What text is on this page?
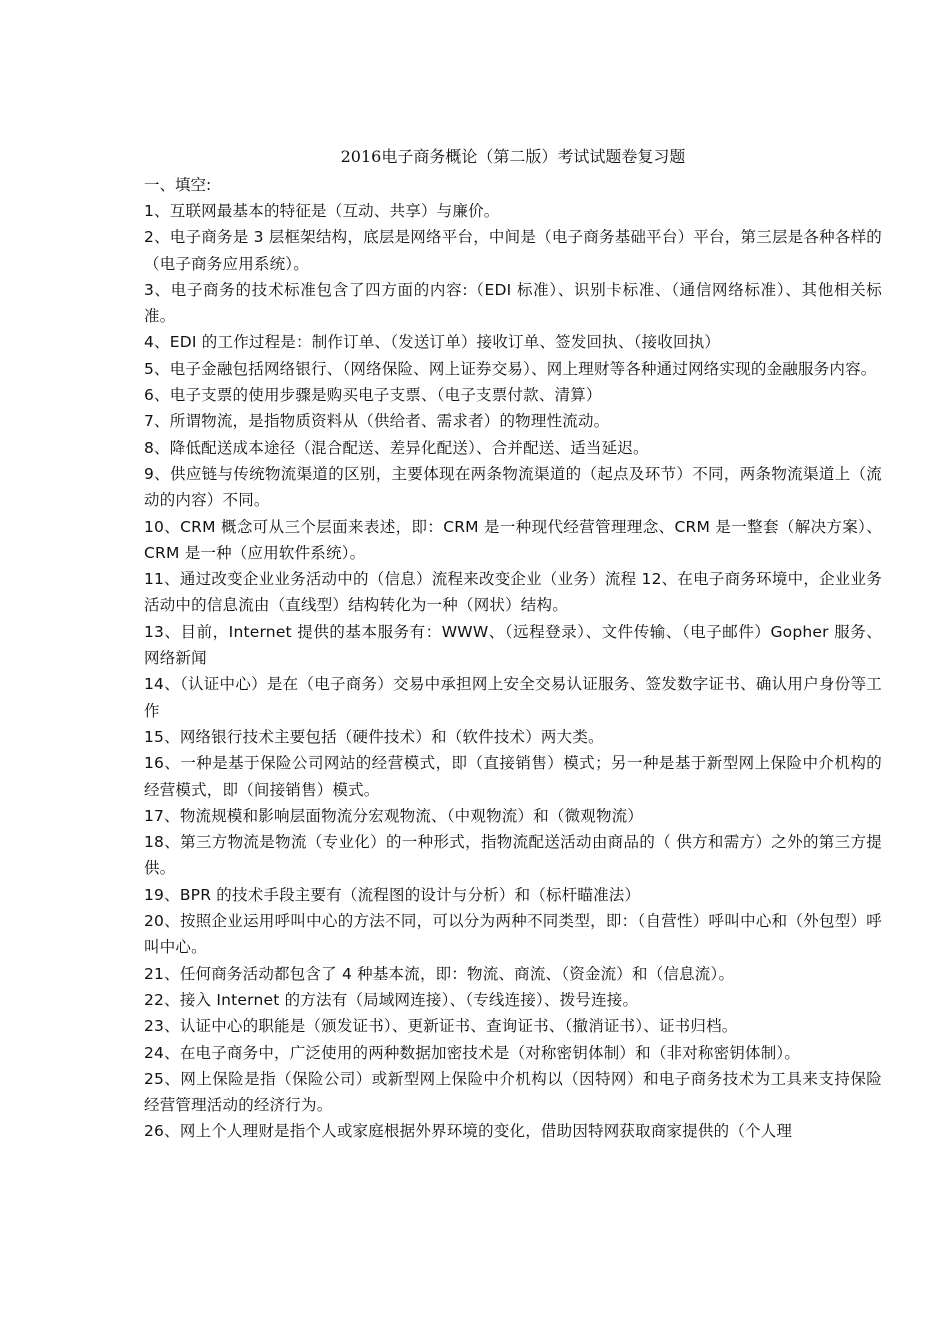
2016电子商务概论（第二版）考试试题卷复习题
一、填空:
1、互联网最基本的特征是（互动、共享）与廉价。
2、电子商务是 3 层框架结构，底层是网络平台，中间是（电子商务基础平台）平台，第三层是各种各样的（电子商务应用系统）。
3、电子商务的技术标准包含了四方面的内容:（EDI 标准）、识别卡标准、（通信网络标准）、其他相关标准。
4、EDI 的工作过程是：制作订单、（发送订单）接收订单、签发回执、（接收回执）
5、电子金融包括网络银行、（网络保险、网上证券交易）、网上理财等各种通过网络实现的金融服务内容。
6、电子支票的使用步骤是购买电子支票、（电子支票付款、清算）
7、所谓物流，是指物质资料从（供给者、需求者）的物理性流动。
8、降低配送成本途径（混合配送、差异化配送）、合并配送、适当延迟。
9、供应链与传统物流渠道的区别，主要体现在两条物流渠道的（起点及环节）不同，两条物流渠道上（流动的内容）不同。
10、CRM 概念可从三个层面来表述，即：CRM 是一种现代经营管理理念、CRM 是一整套（解决方案）、CRM 是一种（应用软件系统）。
11、通过改变企业业务活动中的（信息）流程来改变企业（业务）流程 12、在电子商务环境中，企业业务活动中的信息流由（直线型）结构转化为一种（网状）结构。
13、目前，Internet 提供的基本服务有：WWW、（远程登录）、文件传输、（电子邮件）Gopher 服务、网络新闻
14、（认证中心）是在（电子商务）交易中承担网上安全交易认证服务、签发数字证书、确认用户身份等工作
15、网络银行技术主要包括（硬件技术）和（软件技术）两大类。
16、一种是基于保险公司网站的经营模式，即（直接销售）模式；另一种是基于新型网上保险中介机构的经营模式，即（间接销售）模式。
17、物流规模和影响层面物流分宏观物流、（中观物流）和（微观物流）
18、第三方物流是物流（专业化）的一种形式，指物流配送活动由商品的（ 供方和需方）之外的第三方提供。
19、BPR 的技术手段主要有（流程图的设计与分析）和（标杆瞄准法）
20、按照企业运用呼叫中心的方法不同，可以分为两种不同类型，即：（自营性）呼叫中心和（外包型）呼叫中心。
21、任何商务活动都包含了 4 种基本流，即：物流、商流、（资金流）和（信息流）。
22、接入 Internet 的方法有（局域网连接）、（专线连接）、拨号连接。
23、认证中心的职能是（颁发证书）、更新证书、查询证书、（撤消证书）、证书归档。
24、在电子商务中，广泛使用的两种数据加密技术是（对称密钥体制）和（非对称密钥体制）。
25、网上保险是指（保险公司）或新型网上保险中介机构以（因特网）和电子商务技术为工具来支持保险经营管理活动的经济行为。
26、网上个人理财是指个人或家庭根据外界环境的变化，借助因特网获取商家提供的（个人理
